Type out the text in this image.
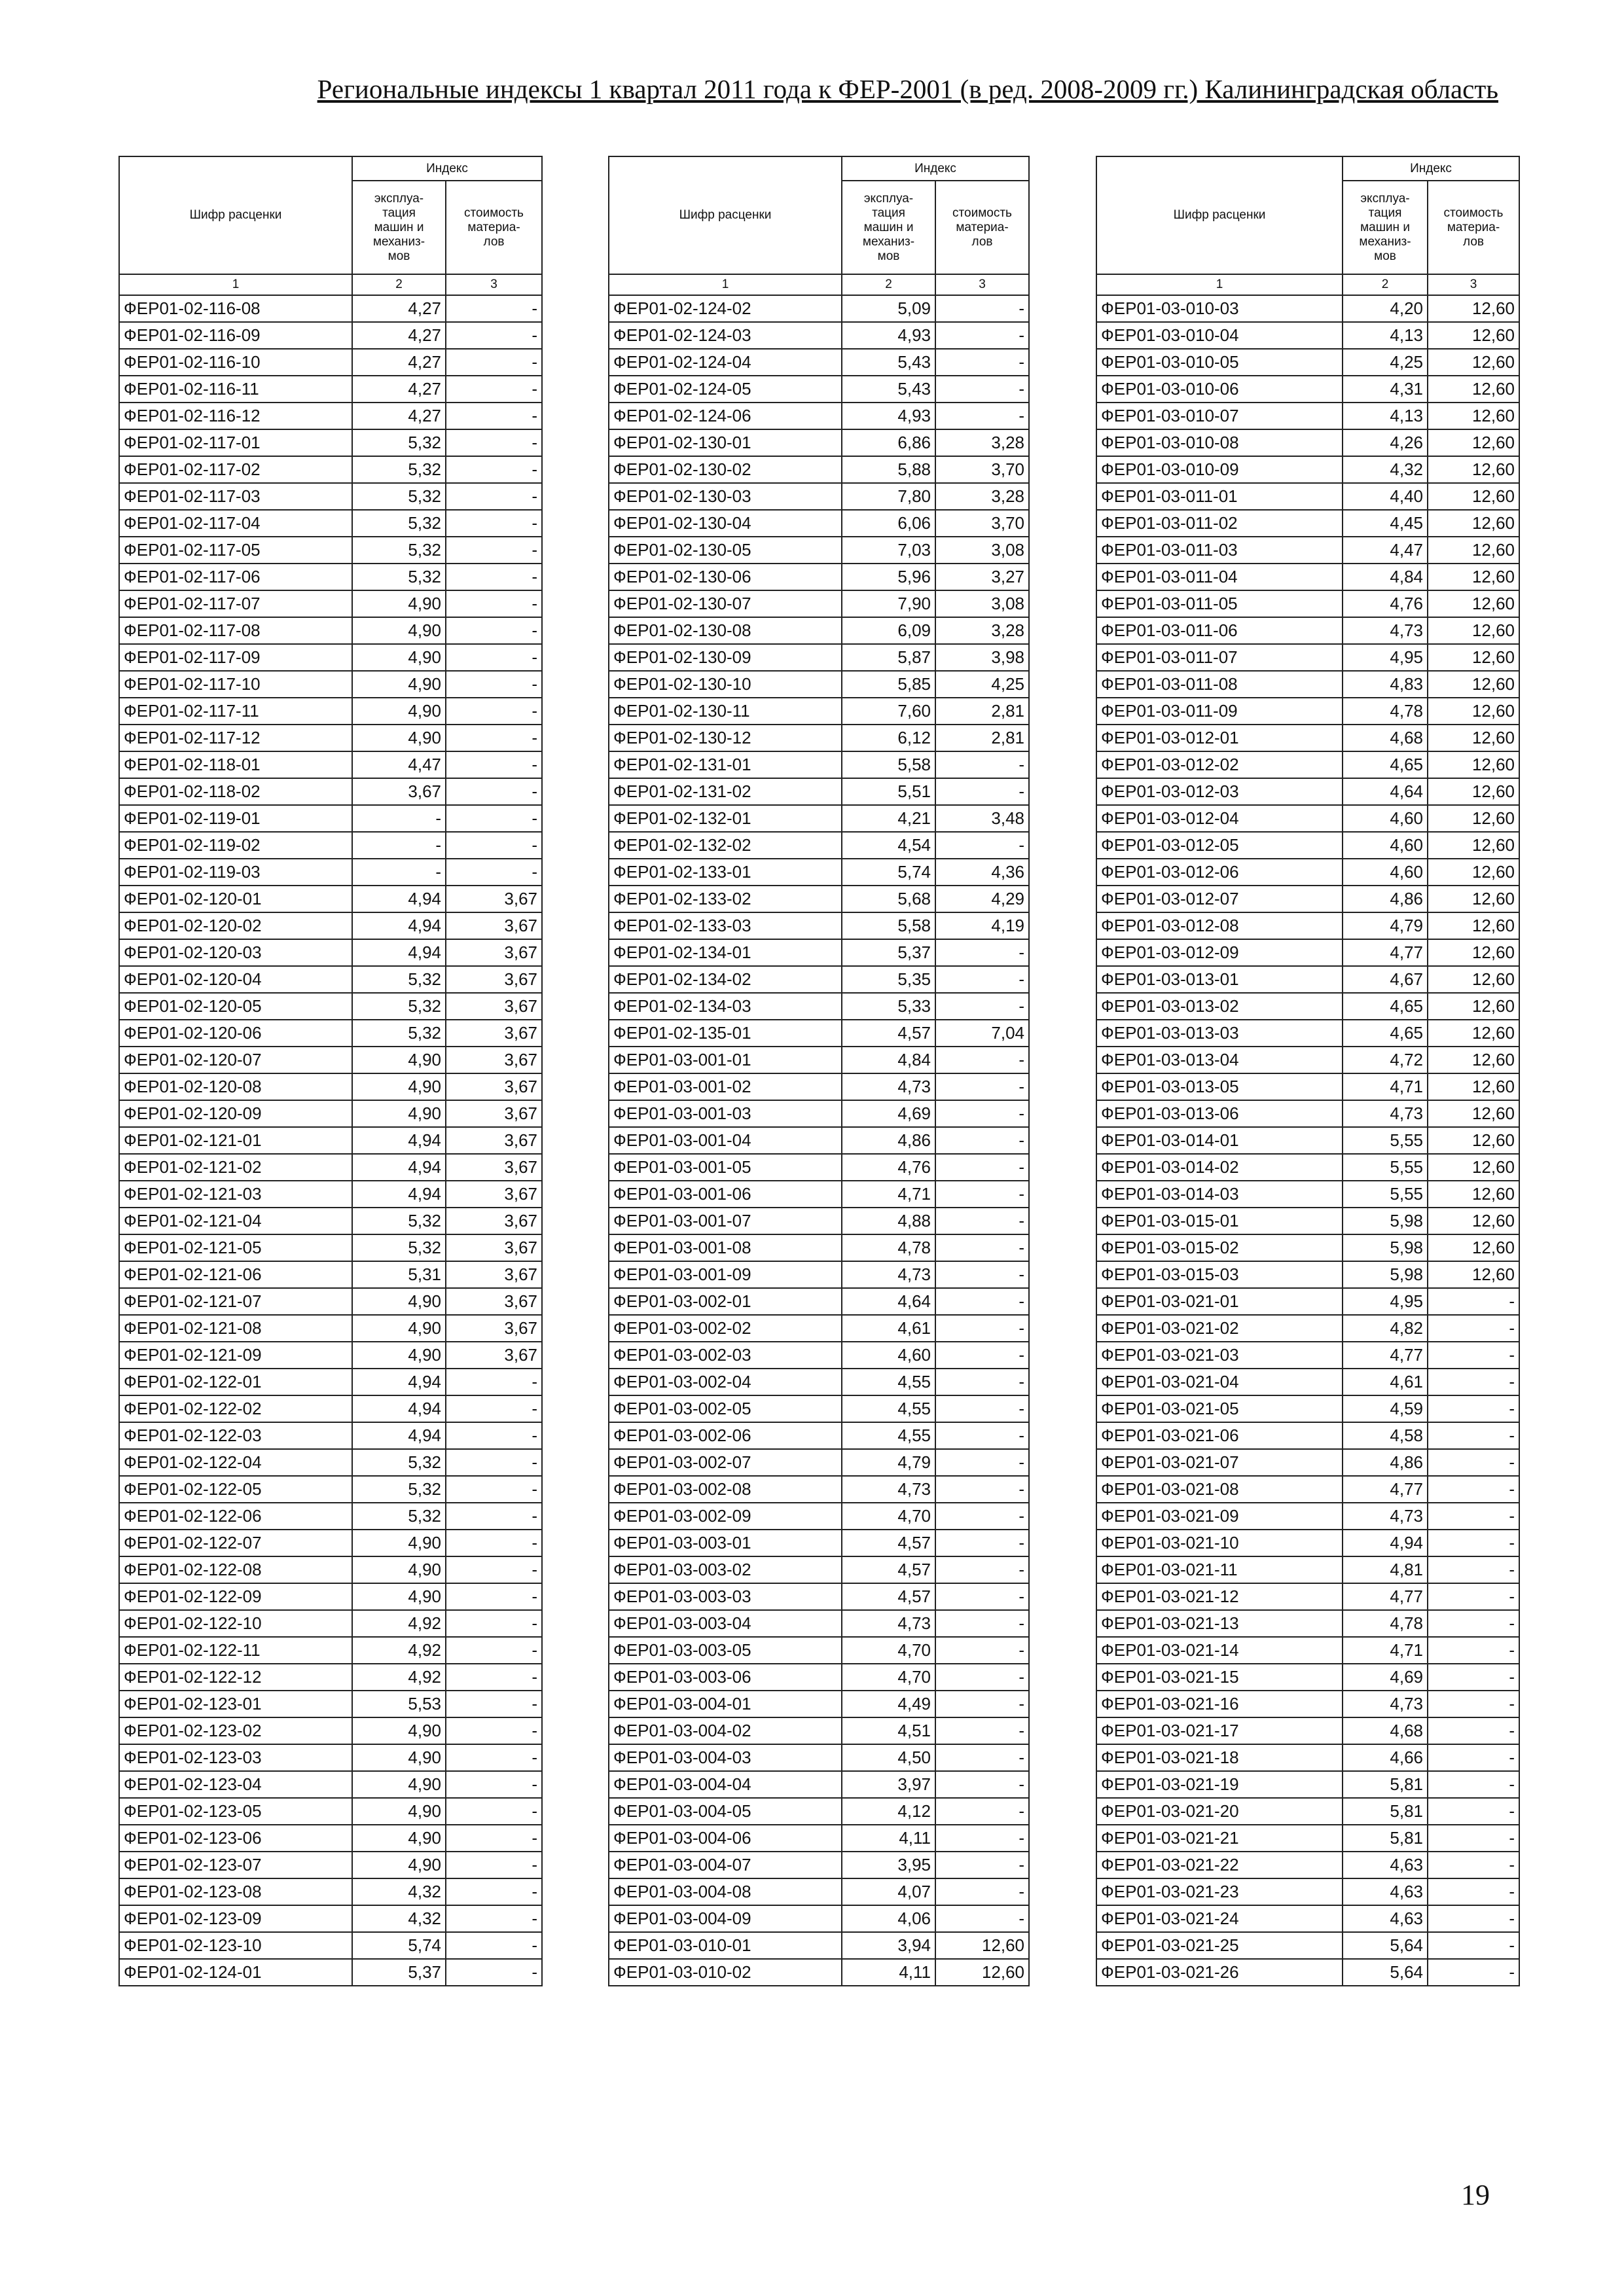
Региональные индексы 1 квартал 2011 года к ФЕР-2001 (в ред. 2008-2009 гг.) Калининградская область
Шифр расценки	Индекс	
	эксплуа-
тация
машин и
механиз-
мов	стоимость
материа-
лов
1	2	3
ФЕР01-02-116-08	4,27	-
ФЕР01-02-116-09	4,27	-
ФЕР01-02-116-10	4,27	-
ФЕР01-02-116-11	4,27	-
ФЕР01-02-116-12	4,27	-
ФЕР01-02-117-01	5,32	-
ФЕР01-02-117-02	5,32	-
ФЕР01-02-117-03	5,32	-
ФЕР01-02-117-04	5,32	-
ФЕР01-02-117-05	5,32	-
ФЕР01-02-117-06	5,32	-
ФЕР01-02-117-07	4,90	-
ФЕР01-02-117-08	4,90	-
ФЕР01-02-117-09	4,90	-
ФЕР01-02-117-10	4,90	-
ФЕР01-02-117-11	4,90	-
ФЕР01-02-117-12	4,90	-
ФЕР01-02-118-01	4,47	-
ФЕР01-02-118-02	3,67	-
ФЕР01-02-119-01	-	-
ФЕР01-02-119-02	-	-
ФЕР01-02-119-03	-	-
ФЕР01-02-120-01	4,94	3,67
ФЕР01-02-120-02	4,94	3,67
ФЕР01-02-120-03	4,94	3,67
ФЕР01-02-120-04	5,32	3,67
ФЕР01-02-120-05	5,32	3,67
ФЕР01-02-120-06	5,32	3,67
ФЕР01-02-120-07	4,90	3,67
ФЕР01-02-120-08	4,90	3,67
ФЕР01-02-120-09	4,90	3,67
ФЕР01-02-121-01	4,94	3,67
ФЕР01-02-121-02	4,94	3,67
ФЕР01-02-121-03	4,94	3,67
ФЕР01-02-121-04	5,32	3,67
ФЕР01-02-121-05	5,32	3,67
ФЕР01-02-121-06	5,31	3,67
ФЕР01-02-121-07	4,90	3,67
ФЕР01-02-121-08	4,90	3,67
ФЕР01-02-121-09	4,90	3,67
ФЕР01-02-122-01	4,94	-
ФЕР01-02-122-02	4,94	-
ФЕР01-02-122-03	4,94	-
ФЕР01-02-122-04	5,32	-
ФЕР01-02-122-05	5,32	-
ФЕР01-02-122-06	5,32	-
ФЕР01-02-122-07	4,90	-
ФЕР01-02-122-08	4,90	-
ФЕР01-02-122-09	4,90	-
ФЕР01-02-122-10	4,92	-
ФЕР01-02-122-11	4,92	-
ФЕР01-02-122-12	4,92	-
ФЕР01-02-123-01	5,53	-
ФЕР01-02-123-02	4,90	-
ФЕР01-02-123-03	4,90	-
ФЕР01-02-123-04	4,90	-
ФЕР01-02-123-05	4,90	-
ФЕР01-02-123-06	4,90	-
ФЕР01-02-123-07	4,90	-
ФЕР01-02-123-08	4,32	-
ФЕР01-02-123-09	4,32	-
ФЕР01-02-123-10	5,74	-
ФЕР01-02-124-01	5,37	-
Шифр расценки	Индекс	
	эксплуа-
тация
машин и
механиз-
мов	стоимость
материа-
лов
1	2	3
ФЕР01-02-124-02	5,09	-
ФЕР01-02-124-03	4,93	-
ФЕР01-02-124-04	5,43	-
ФЕР01-02-124-05	5,43	-
ФЕР01-02-124-06	4,93	-
ФЕР01-02-130-01	6,86	3,28
ФЕР01-02-130-02	5,88	3,70
ФЕР01-02-130-03	7,80	3,28
ФЕР01-02-130-04	6,06	3,70
ФЕР01-02-130-05	7,03	3,08
ФЕР01-02-130-06	5,96	3,27
ФЕР01-02-130-07	7,90	3,08
ФЕР01-02-130-08	6,09	3,28
ФЕР01-02-130-09	5,87	3,98
ФЕР01-02-130-10	5,85	4,25
ФЕР01-02-130-11	7,60	2,81
ФЕР01-02-130-12	6,12	2,81
ФЕР01-02-131-01	5,58	-
ФЕР01-02-131-02	5,51	-
ФЕР01-02-132-01	4,21	3,48
ФЕР01-02-132-02	4,54	-
ФЕР01-02-133-01	5,74	4,36
ФЕР01-02-133-02	5,68	4,29
ФЕР01-02-133-03	5,58	4,19
ФЕР01-02-134-01	5,37	-
ФЕР01-02-134-02	5,35	-
ФЕР01-02-134-03	5,33	-
ФЕР01-02-135-01	4,57	7,04
ФЕР01-03-001-01	4,84	-
ФЕР01-03-001-02	4,73	-
ФЕР01-03-001-03	4,69	-
ФЕР01-03-001-04	4,86	-
ФЕР01-03-001-05	4,76	-
ФЕР01-03-001-06	4,71	-
ФЕР01-03-001-07	4,88	-
ФЕР01-03-001-08	4,78	-
ФЕР01-03-001-09	4,73	-
ФЕР01-03-002-01	4,64	-
ФЕР01-03-002-02	4,61	-
ФЕР01-03-002-03	4,60	-
ФЕР01-03-002-04	4,55	-
ФЕР01-03-002-05	4,55	-
ФЕР01-03-002-06	4,55	-
ФЕР01-03-002-07	4,79	-
ФЕР01-03-002-08	4,73	-
ФЕР01-03-002-09	4,70	-
ФЕР01-03-003-01	4,57	-
ФЕР01-03-003-02	4,57	-
ФЕР01-03-003-03	4,57	-
ФЕР01-03-003-04	4,73	-
ФЕР01-03-003-05	4,70	-
ФЕР01-03-003-06	4,70	-
ФЕР01-03-004-01	4,49	-
ФЕР01-03-004-02	4,51	-
ФЕР01-03-004-03	4,50	-
ФЕР01-03-004-04	3,97	-
ФЕР01-03-004-05	4,12	-
ФЕР01-03-004-06	4,11	-
ФЕР01-03-004-07	3,95	-
ФЕР01-03-004-08	4,07	-
ФЕР01-03-004-09	4,06	-
ФЕР01-03-010-01	3,94	12,60
ФЕР01-03-010-02	4,11	12,60
Шифр расценки	Индекс	
	эксплуа-
тация
машин и
механиз-
мов	стоимость
материа-
лов
1	2	3
ФЕР01-03-010-03	4,20	12,60
ФЕР01-03-010-04	4,13	12,60
ФЕР01-03-010-05	4,25	12,60
ФЕР01-03-010-06	4,31	12,60
ФЕР01-03-010-07	4,13	12,60
ФЕР01-03-010-08	4,26	12,60
ФЕР01-03-010-09	4,32	12,60
ФЕР01-03-011-01	4,40	12,60
ФЕР01-03-011-02	4,45	12,60
ФЕР01-03-011-03	4,47	12,60
ФЕР01-03-011-04	4,84	12,60
ФЕР01-03-011-05	4,76	12,60
ФЕР01-03-011-06	4,73	12,60
ФЕР01-03-011-07	4,95	12,60
ФЕР01-03-011-08	4,83	12,60
ФЕР01-03-011-09	4,78	12,60
ФЕР01-03-012-01	4,68	12,60
ФЕР01-03-012-02	4,65	12,60
ФЕР01-03-012-03	4,64	12,60
ФЕР01-03-012-04	4,60	12,60
ФЕР01-03-012-05	4,60	12,60
ФЕР01-03-012-06	4,60	12,60
ФЕР01-03-012-07	4,86	12,60
ФЕР01-03-012-08	4,79	12,60
ФЕР01-03-012-09	4,77	12,60
ФЕР01-03-013-01	4,67	12,60
ФЕР01-03-013-02	4,65	12,60
ФЕР01-03-013-03	4,65	12,60
ФЕР01-03-013-04	4,72	12,60
ФЕР01-03-013-05	4,71	12,60
ФЕР01-03-013-06	4,73	12,60
ФЕР01-03-014-01	5,55	12,60
ФЕР01-03-014-02	5,55	12,60
ФЕР01-03-014-03	5,55	12,60
ФЕР01-03-015-01	5,98	12,60
ФЕР01-03-015-02	5,98	12,60
ФЕР01-03-015-03	5,98	12,60
ФЕР01-03-021-01	4,95	-
ФЕР01-03-021-02	4,82	-
ФЕР01-03-021-03	4,77	-
ФЕР01-03-021-04	4,61	-
ФЕР01-03-021-05	4,59	-
ФЕР01-03-021-06	4,58	-
ФЕР01-03-021-07	4,86	-
ФЕР01-03-021-08	4,77	-
ФЕР01-03-021-09	4,73	-
ФЕР01-03-021-10	4,94	-
ФЕР01-03-021-11	4,81	-
ФЕР01-03-021-12	4,77	-
ФЕР01-03-021-13	4,78	-
ФЕР01-03-021-14	4,71	-
ФЕР01-03-021-15	4,69	-
ФЕР01-03-021-16	4,73	-
ФЕР01-03-021-17	4,68	-
ФЕР01-03-021-18	4,66	-
ФЕР01-03-021-19	5,81	-
ФЕР01-03-021-20	5,81	-
ФЕР01-03-021-21	5,81	-
ФЕР01-03-021-22	4,63	-
ФЕР01-03-021-23	4,63	-
ФЕР01-03-021-24	4,63	-
ФЕР01-03-021-25	5,64	-
ФЕР01-03-021-26	5,64	-
19
